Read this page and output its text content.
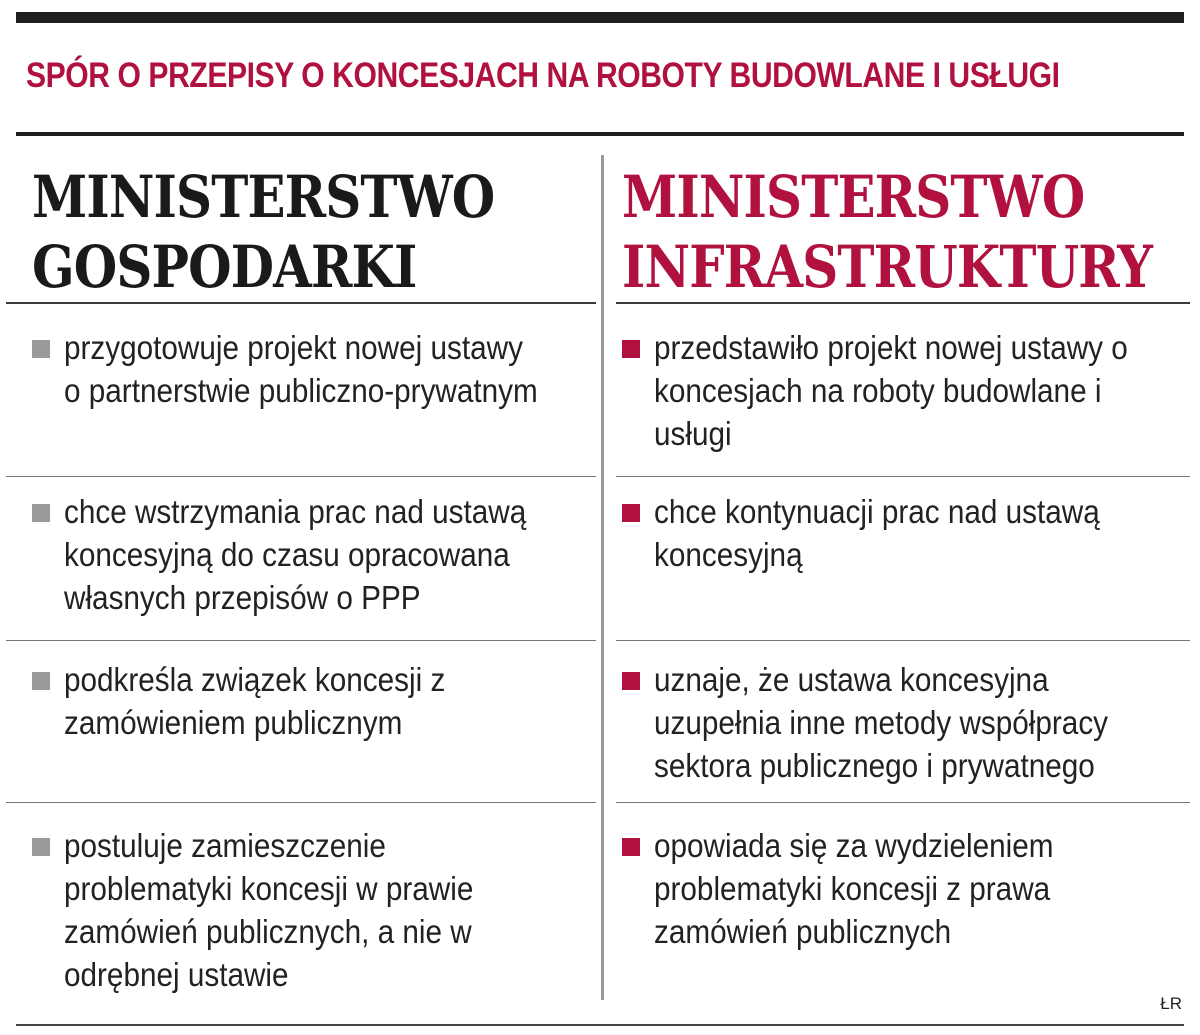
SPÓR O PRZEPISY O KONCESJACH NA ROBOTY BUDOWLANE I USŁUGI
MINISTERSTWO
GOSPODARKI
przygotowuje projekt nowej ustawy o partnerstwie publiczno-prywatnym
chce wstrzymania prac nad ustawą koncesyjną do czasu opracowana własnych przepisów o PPP
podkreśla związek koncesji z zamówieniem publicznym
postuluje zamieszczenie problematyki koncesji w prawie zamówień publicznych, a nie w odrębnej ustawie
MINISTERSTWO
INFRASTRUKTURY
przedstawiło projekt nowej ustawy o koncesjach na roboty budowlane i usługi
chce kontynuacji prac nad ustawą koncesyjną
uznaje, że ustawa koncesyjna uzupełnia inne metody współpracy sektora publicznego i prywatnego
opowiada się za wydzieleniem problematyki koncesji z prawa zamówień publicznych
ŁR
